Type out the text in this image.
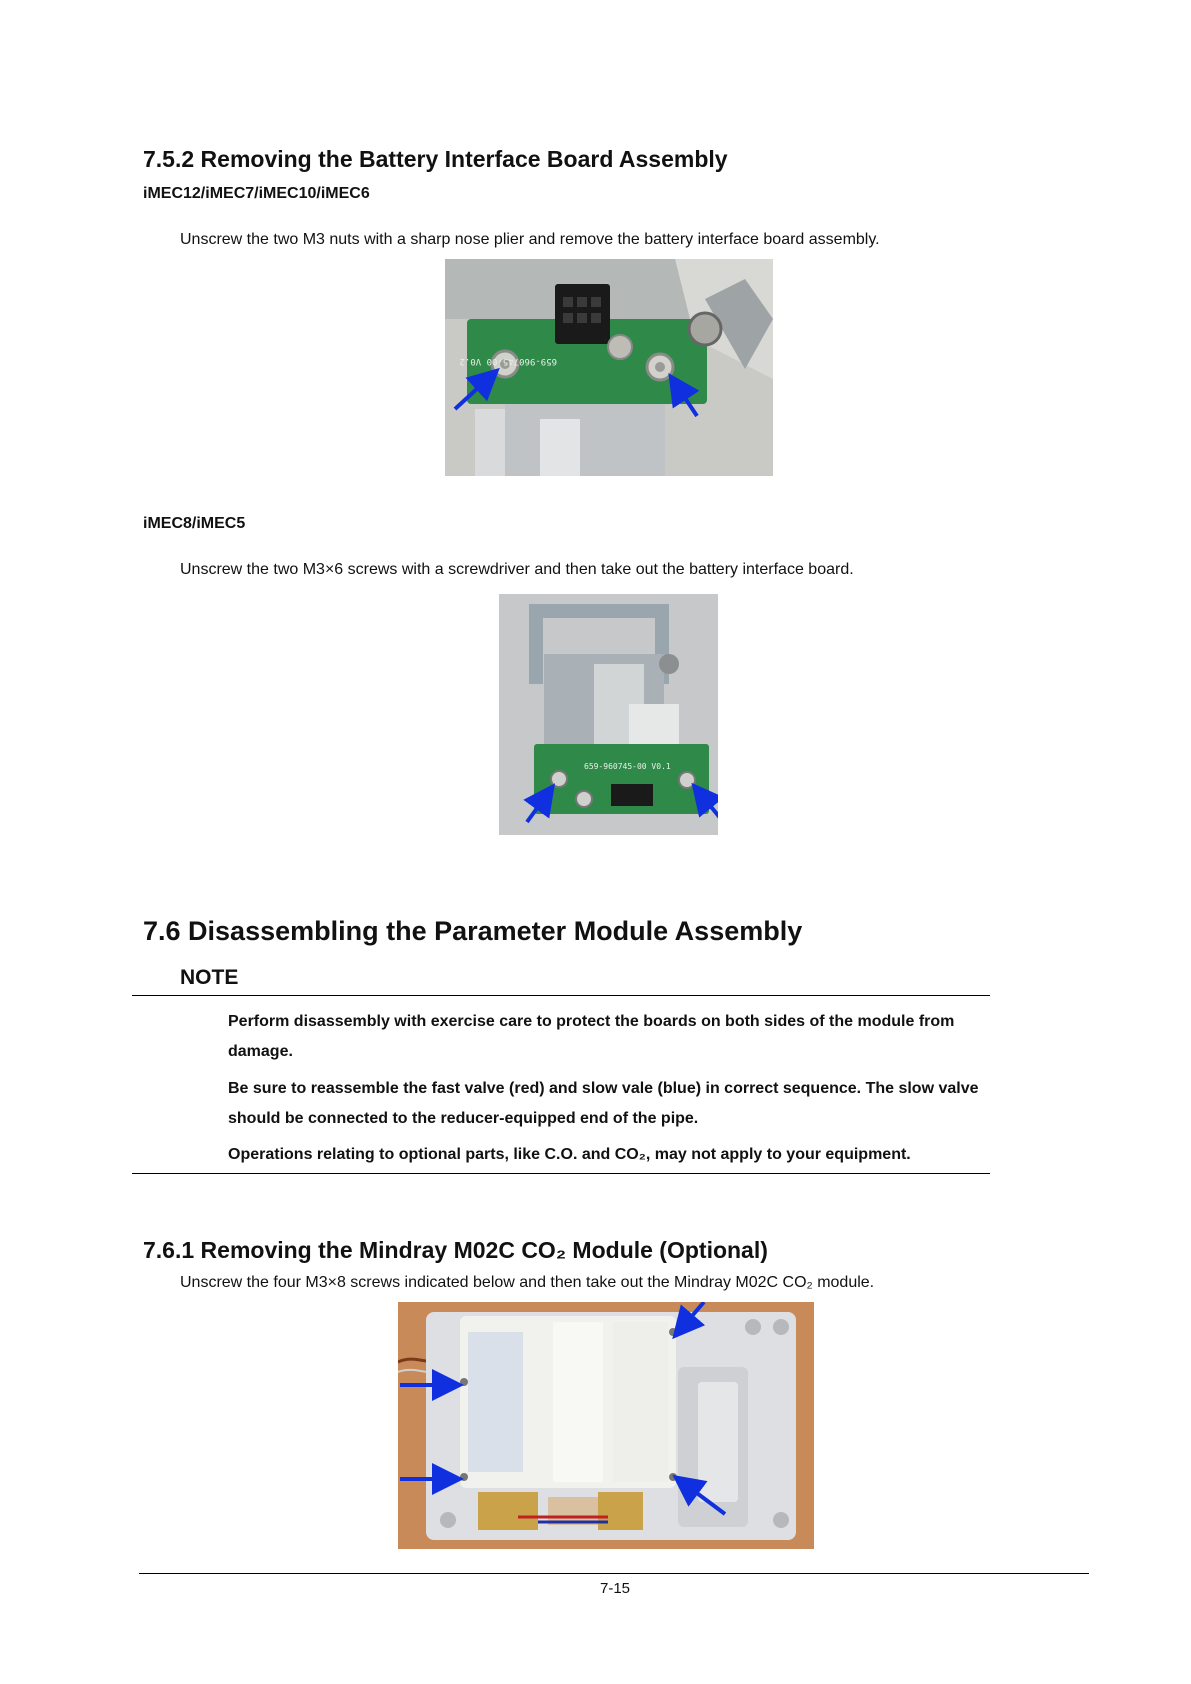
7.5.2 Removing the Battery Interface Board Assembly
iMEC12/iMEC7/iMEC10/iMEC6
Unscrew the two M3 nuts with a sharp nose plier and remove the battery interface board assembly.
659-960745-00 V0.2
iMEC8/iMEC5
Unscrew the two M3×6 screws with a screwdriver and then take out the battery interface board.
659-960745-00 V0.1
7.6 Disassembling the Parameter Module Assembly
NOTE
Perform disassembly with exercise care to protect the boards on both sides of the module from damage.
Be sure to reassemble the fast valve (red) and slow vale (blue) in correct sequence. The slow valve should be connected to the reducer-equipped end of the pipe.
Operations relating to optional parts, like C.O. and CO₂, may not apply to your equipment.
7.6.1 Removing the Mindray M02C CO₂ Module (Optional)
Unscrew the four M3×8 screws indicated below and then take out the Mindray M02C CO₂ module.
7-15
